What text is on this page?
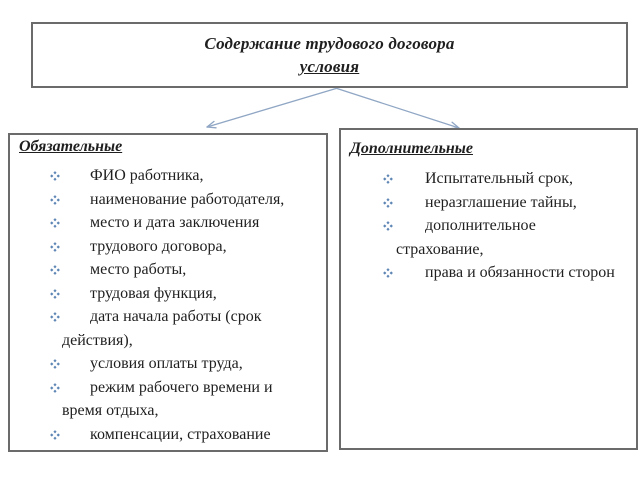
Содержание трудового договора
условия
Обязательные
ФИО работника,
наименование работодателя,
место и дата заключения
трудового договора,
место работы,
трудовая функция,
дата начала работы (срок
действия),
условия оплаты труда,
режим рабочего времени и
время отдыха,
компенсации, страхование
Дополнительные
Испытательный срок,
неразглашение тайны,
дополнительное
страхование,
права и обязанности сторон
